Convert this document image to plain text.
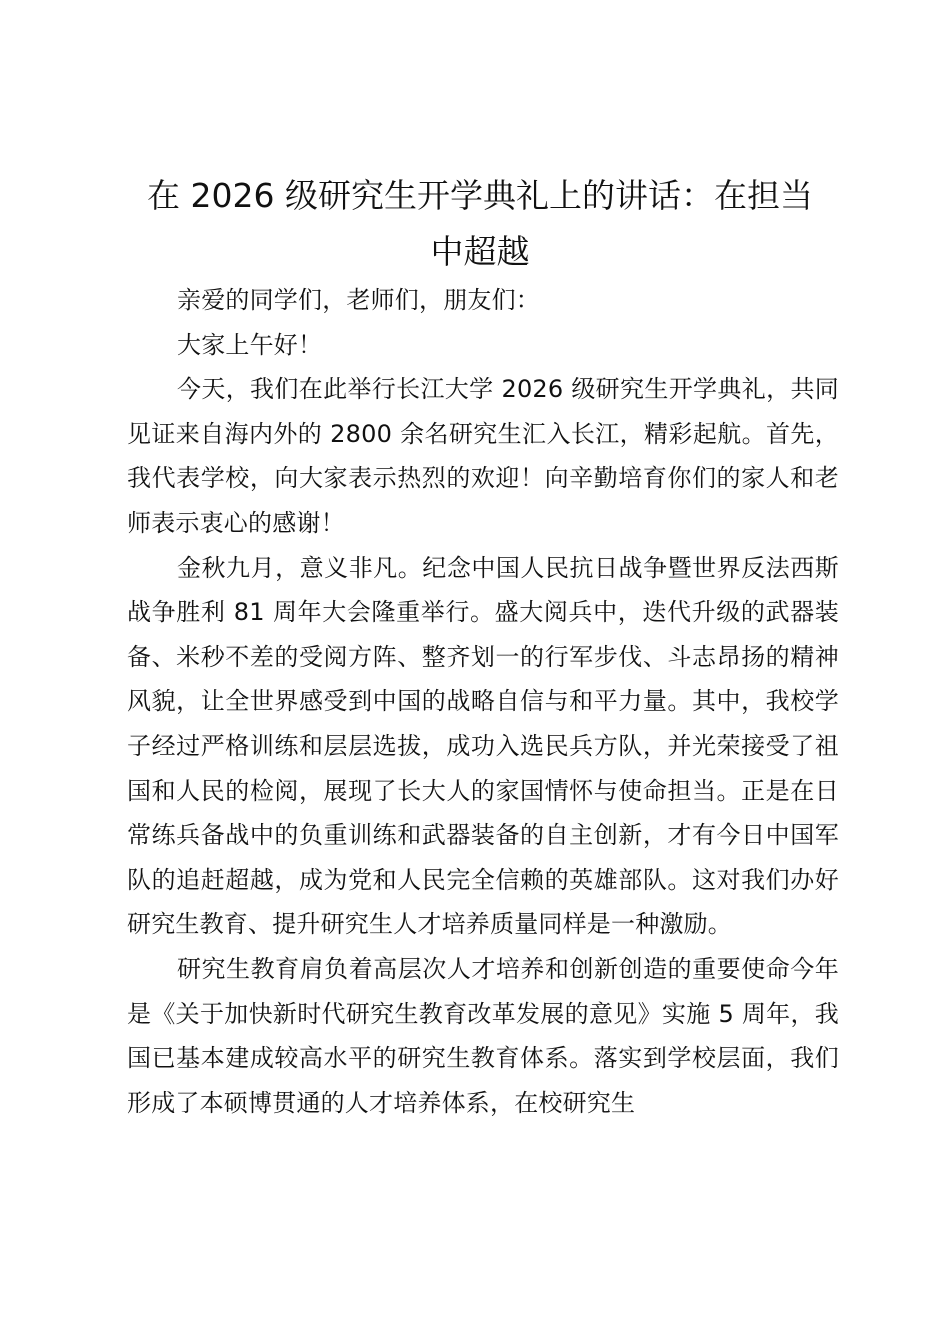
在 2026 级研究生开学典礼上的讲话：在担当
中超越

亲爱的同学们，老师们，朋友们：

大家上午好！

今天，我们在此举行长江大学 2026 级研究生开学典礼，共同见证来自海内外的 2800 余名研究生汇入长江，精彩起航。首先，我代表学校，向大家表示热烈的欢迎！向辛勤培育你们的家人和老师表示衷心的感谢！

金秋九月，意义非凡。纪念中国人民抗日战争暨世界反法西斯战争胜利 81 周年大会隆重举行。盛大阅兵中，迭代升级的武器装备、米秒不差的受阅方阵、整齐划一的行军步伐、斗志昂扬的精神风貌，让全世界感受到中国的战略自信与和平力量。其中，我校学子经过严格训练和层层选拔，成功入选民兵方队，并光荣接受了祖国和人民的检阅，展现了长大人的家国情怀与使命担当。正是在日常练兵备战中的负重训练和武器装备的自主创新，才有今日中国军队的追赶超越，成为党和人民完全信赖的英雄部队。这对我们办好研究生教育、提升研究生人才培养质量同样是一种激励。

研究生教育肩负着高层次人才培养和创新创造的重要使命今年是《关于加快新时代研究生教育改革发展的意见》实施 5 周年，我国已基本建成较高水平的研究生教育体系。落实到学校层面，我们形成了本硕博贯通的人才培养体系，在校研究生
